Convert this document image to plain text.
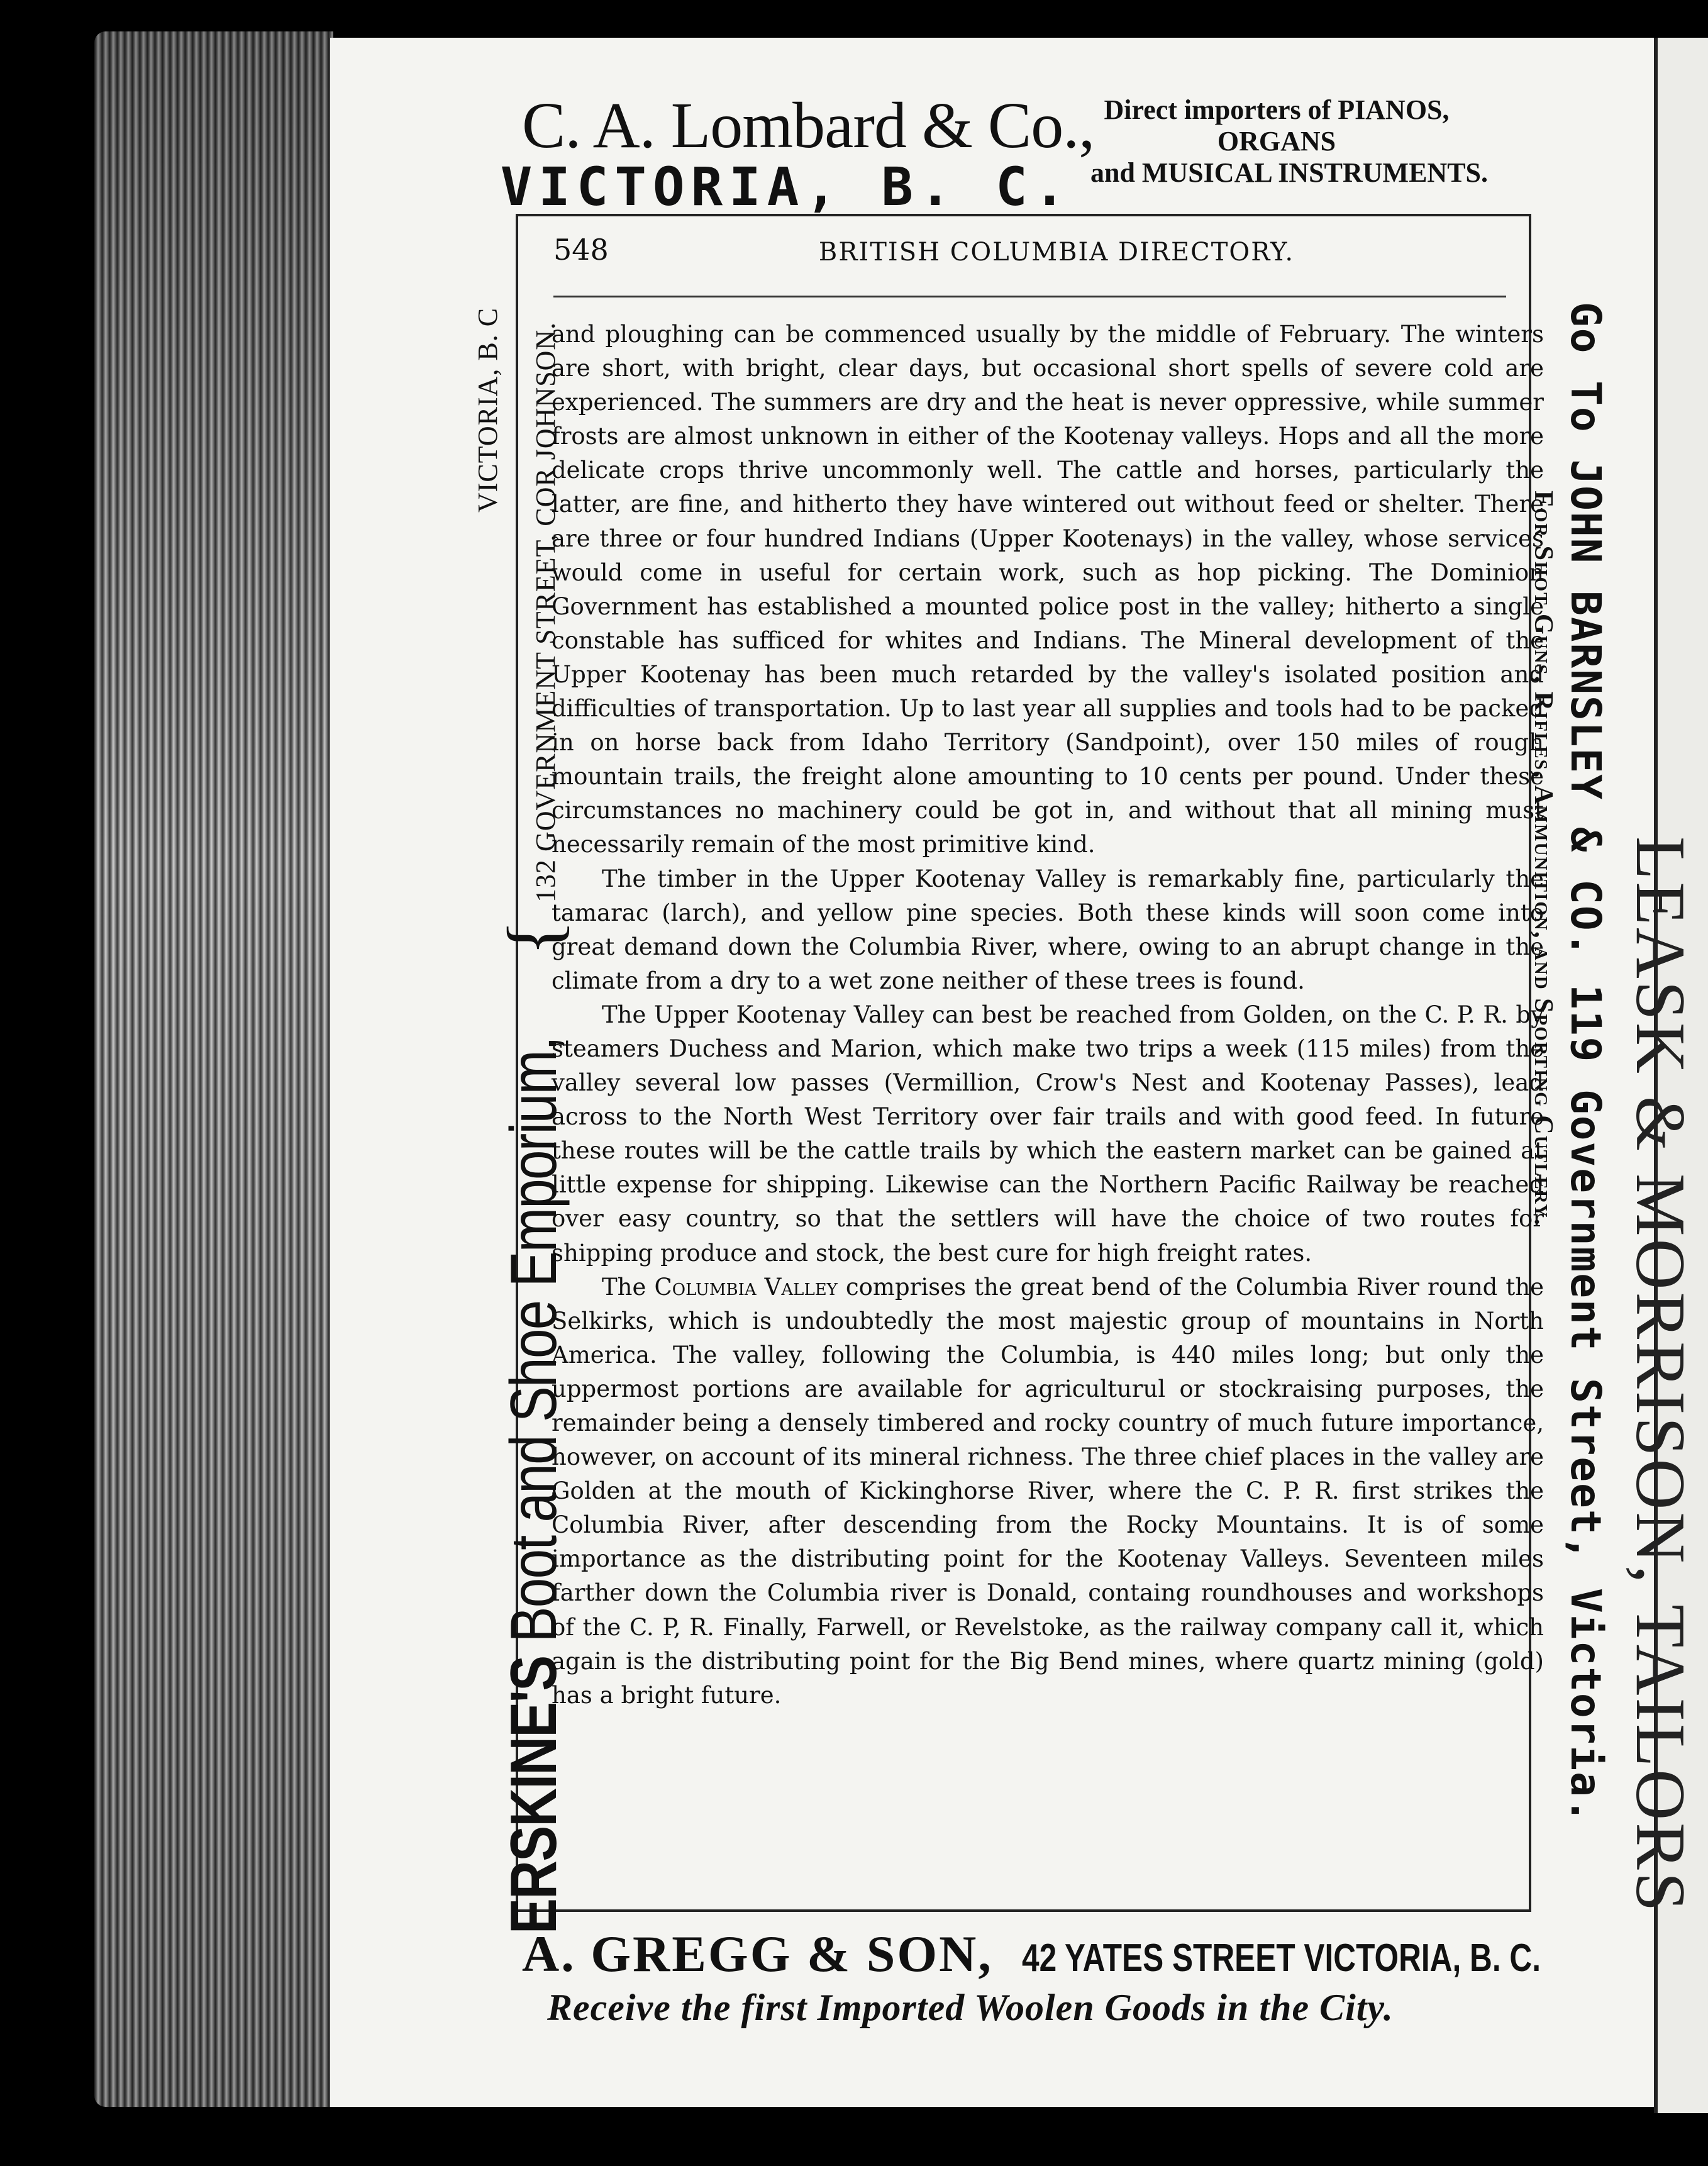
C. A. Lombard & Co., Direct importers of PIANOS, ORGANS
and MUSICAL INSTRUMENTS.
VICTORIA, B. C.
548	BRITISH COLUMBIA DIRECTORY.

and ploughing can be commenced usually by the middle of February. The winters are short, with bright, clear days, but occasional short spells of severe cold are experienced. The summers are dry and the heat is never oppressive, while summer frosts are almost unknown in either of the Kootenay valleys. Hops and all the more delicate crops thrive uncommonly well. The cattle and horses, particularly the latter, are fine, and hitherto they have wintered out without feed or shelter. There are three or four hundred Indians (Upper Kootenays) in the valley, whose services would come in useful for certain work, such as hop picking. The Dominion Government has established a mounted police post in the valley; hitherto a single constable has sufficed for whites and Indians. The Mineral development of the Upper Kootenay has been much retarded by the valley's isolated position and difficulties of transportation. Up to last year all supplies and tools had to be packed in on horse back from Idaho Territory (Sandpoint), over 150 miles of rough mountain trails, the freight alone amounting to 10 cents per pound. Under these circumstances no machinery could be got in, and without that all mining must necessarily remain of the most primitive kind.

The timber in the Upper Kootenay Valley is remarkably fine, particularly the tamarac (larch), and yellow pine species. Both these kinds will soon come into great demand down the Columbia River, where, owing to an abrupt change in the climate from a dry to a wet zone neither of these trees is found.

The Upper Kootenay Valley can best be reached from Golden, on the C. P. R. by steamers Duchess and Marion, which make two trips a week (115 miles) from the valley several low passes (Vermillion, Crow's Nest and Kootenay Passes), lead across to the North West Territory over fair trails and with good feed. In future these routes will be the cattle trails by which the eastern market can be gained at little expense for shipping. Likewise can the Northern Pacific Railway be reached over easy country, so that the settlers will have the choice of two routes for shipping produce and stock, the best cure for high freight rates.

The Columbia Valley comprises the great bend of the Columbia River round the Selkirks, which is undoubtedly the most majestic group of mountains in North America. The valley, following the Columbia, is 440 miles long; but only the uppermost portions are available for agriculturul or stockraising purposes, the remainder being a densely timbered and rocky country of much future importance, however, on account of its mineral richness. The three chief places in the valley are Golden at the mouth of Kickinghorse River, where the C. P. R. first strikes the Columbia River, after descending from the Rocky Mountains. It is of some importance as the distributing point for the Kootenay Valleys. Seventeen miles farther down the Columbia river is Donald, containg roundhouses and workshops of the C. P, R. Finally, Farwell, or Revelstoke, as the railway company call it, which again is the distributing point for the Big Bend mines, where quartz mining (gold) has a bright future.

ERSKINE'S Boot and Shoe Emporium,
{
132 GOVERNMENT STREET, COR JOHNSON.
VICTORIA, B. C	Go To JOHN BARNSLEY & CO. 119 Government Street, Victoria.
For Shot Guns, Rifles, Ammunition, and Sporting Cutlery. LEASK & MORRISON, TAILORS
A. GREGG & SON, 42 YATES STREET VICTORIA, B. C.
Receive the first Imported Woolen Goods in the City.
